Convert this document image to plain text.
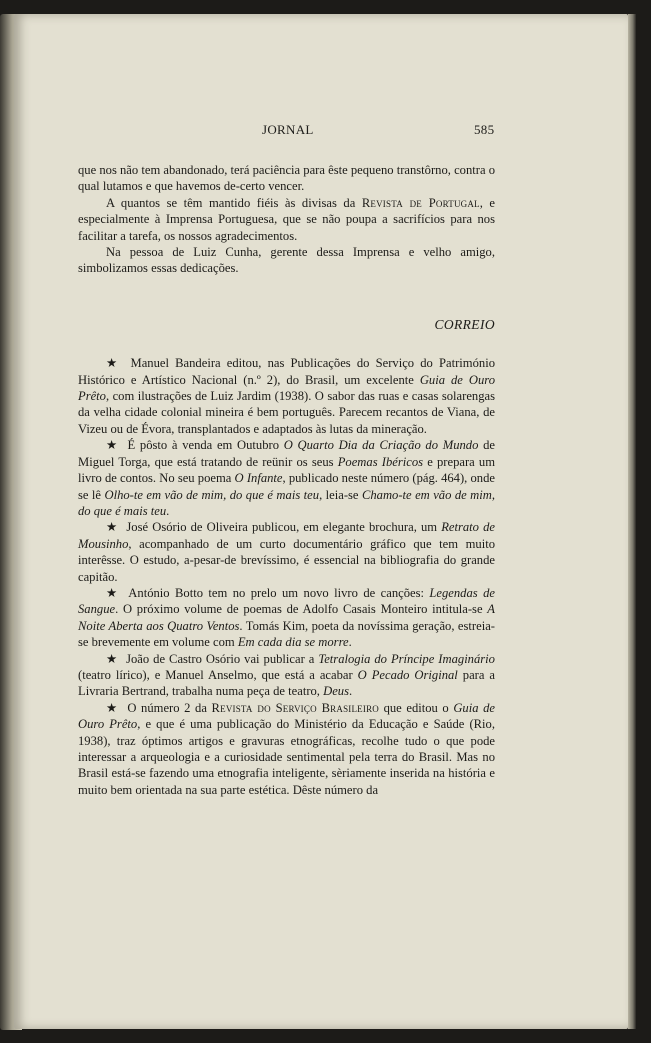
JORNAL	585

que nos não tem abandonado, terá paciência para êste pequeno transtôrno, contra o qual lutamos e que havemos de-certo vencer.

A quantos se têm mantido fiéis às divisas da Revista de Portugal, e especialmente à Imprensa Portuguesa, que se não poupa a sacrifícios para nos facilitar a tarefa, os nossos agradecimentos.

Na pessoa de Luiz Cunha, gerente dessa Imprensa e velho amigo, simbolizamos essas dedicações.

CORREIO

★ Manuel Bandeira editou, nas Publicações do Serviço do Património Histórico e Artístico Nacional (n.º 2), do Brasil, um excelente Guia de Ouro Prêto, com ilustrações de Luiz Jardim (1938). O sabor das ruas e casas solarengas da velha cidade colonial mineira é bem português. Parecem recantos de Viana, de Vizeu ou de Évora, transplantados e adaptados às lutas da mineração.

★ É pôsto à venda em Outubro O Quarto Dia da Criação do Mundo de Miguel Torga, que está tratando de reünir os seus Poemas Ibéricos e prepara um livro de contos. No seu poema O Infante, publicado neste número (pág. 464), onde se lê Olho-te em vão de mim, do que é mais teu, leia-se Chamo-te em vão de mim, do que é mais teu.

★ José Osório de Oliveira publicou, em elegante brochura, um Retrato de Mousinho, acompanhado de um curto documentário gráfico que tem muito interêsse. O estudo, a-pesar-de brevíssimo, é essencial na bibliografia do grande capitão.

★ António Botto tem no prelo um novo livro de canções: Legendas de Sangue. O próximo volume de poemas de Adolfo Casais Monteiro intitula-se A Noite Aberta aos Quatro Ventos. Tomás Kim, poeta da novíssima geração, estreia-se brevemente em volume com Em cada dia se morre.

★ João de Castro Osório vai publicar a Tetralogia do Príncipe Imaginário (teatro lírico), e Manuel Anselmo, que está a acabar O Pecado Original para a Livraria Bertrand, trabalha numa peça de teatro, Deus.

★ O número 2 da Revista do Serviço Brasileiro que editou o Guia de Ouro Prêto, e que é uma publicação do Ministério da Educação e Saúde (Rio, 1938), traz óptimos artigos e gravuras etnográficas, recolhe tudo o que pode interessar a arqueologia e a curiosidade sentimental pela terra do Brasil. Mas no Brasil está-se fazendo uma etnografia inteligente, sèriamente inserida na história e muito bem orientada na sua parte estética. Dêste número da
